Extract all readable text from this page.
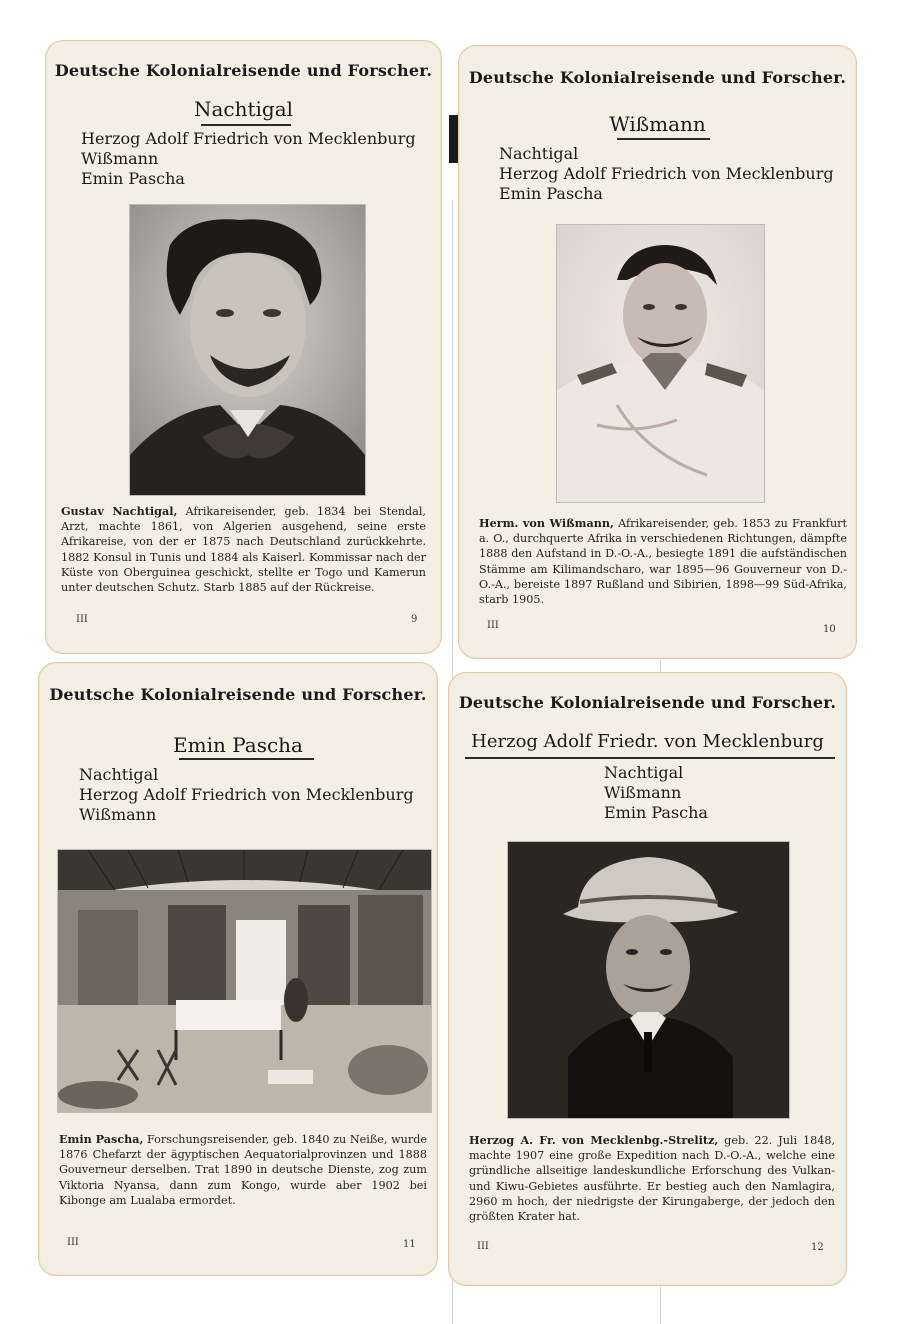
Deutsche Kolonialreisende und Forscher.
Nachtigal
Herzog Adolf Friedrich von Mecklenburg
Wißmann
Emin Pascha
Gustav Nachtigal, Afrikareisender, geb. 1834 bei Stendal, Arzt, machte 1861, von Algerien ausgehend, seine erste Afrikareise, von der er 1875 nach Deutschland zurückkehrte. 1882 Konsul in Tunis und 1884 als Kaiserl. Kommissar nach der Küste von Oberguinea geschickt, stellte er Togo und Kamerun unter deutschen Schutz. Starb 1885 auf der Rückreise.
III	9
Deutsche Kolonialreisende und Forscher.
Wißmann
Nachtigal
Herzog Adolf Friedrich von Mecklenburg
Emin Pascha
Herm. von Wißmann, Afrikareisender, geb. 1853 zu Frankfurt a. O., durchquerte Afrika in verschiedenen Richtungen, dämpfte 1888 den Aufstand in D.-O.-A., besiegte 1891 die aufständischen Stämme am Kilimandscharo, war 1895—96 Gouverneur von D.-O.-A., bereiste 1897 Rußland und Sibirien, 1898—99 Süd-Afrika, starb 1905.
III	10
Deutsche Kolonialreisende und Forscher.
Emin Pascha
Nachtigal
Herzog Adolf Friedrich von Mecklenburg
Wißmann
Emin Pascha, Forschungsreisender, geb. 1840 zu Neiße, wurde 1876 Chefarzt der ägyptischen Aequatorialprovinzen und 1888 Gouverneur derselben. Trat 1890 in deutsche Dienste, zog zum Viktoria Nyansa, dann zum Kongo, wurde aber 1902 bei Kibonge am Lualaba ermordet.
III	11
Deutsche Kolonialreisende und Forscher.
Herzog Adolf Friedr. von Mecklenburg
Nachtigal
Wißmann
Emin Pascha
Herzog A. Fr. von Mecklenbg.-Strelitz, geb. 22. Juli 1848, machte 1907 eine große Expedition nach D.-O.-A., welche eine gründliche allseitige landeskundliche Erforschung des Vulkan- und Kiwu-Gebietes ausführte. Er bestieg auch den Namlagira, 2960 m hoch, der niedrigste der Kirungaberge, der jedoch den größten Krater hat.
III	12
